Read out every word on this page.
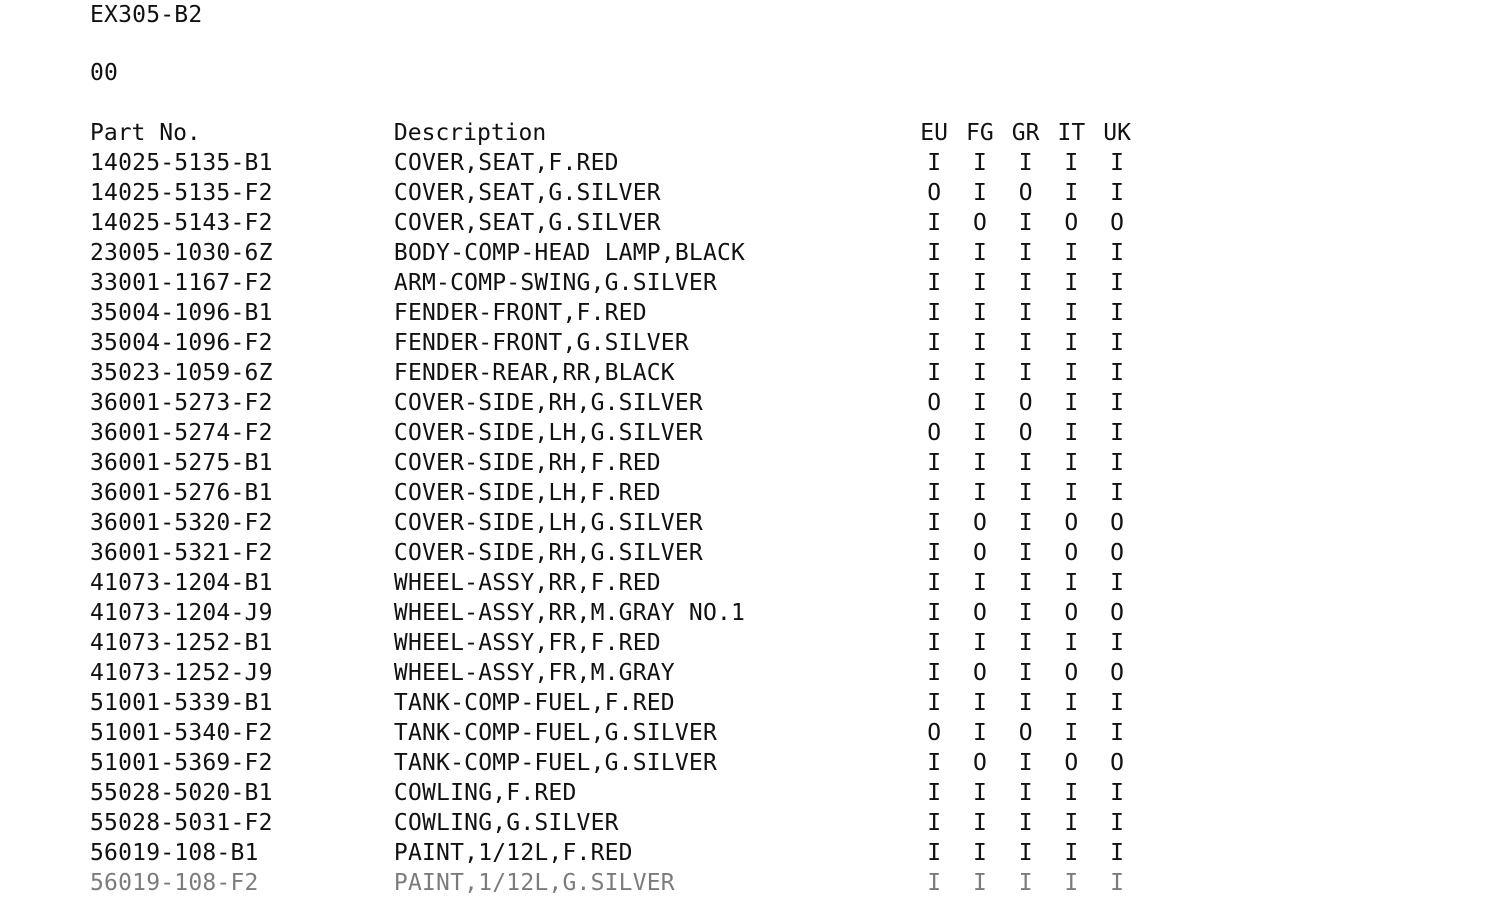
EX305-B2
00
Part No.	Description	EU	FG	GR	IT	UK
14025-5135-B1	COVER,SEAT,F.RED	I	I	I	I	I
14025-5135-F2	COVER,SEAT,G.SILVER	O	I	O	I	I
14025-5143-F2	COVER,SEAT,G.SILVER	I	O	I	O	O
23005-1030-6Z	BODY-COMP-HEAD LAMP,BLACK	I	I	I	I	I
33001-1167-F2	ARM-COMP-SWING,G.SILVER	I	I	I	I	I
35004-1096-B1	FENDER-FRONT,F.RED	I	I	I	I	I
35004-1096-F2	FENDER-FRONT,G.SILVER	I	I	I	I	I
35023-1059-6Z	FENDER-REAR,RR,BLACK	I	I	I	I	I
36001-5273-F2	COVER-SIDE,RH,G.SILVER	O	I	O	I	I
36001-5274-F2	COVER-SIDE,LH,G.SILVER	O	I	O	I	I
36001-5275-B1	COVER-SIDE,RH,F.RED	I	I	I	I	I
36001-5276-B1	COVER-SIDE,LH,F.RED	I	I	I	I	I
36001-5320-F2	COVER-SIDE,LH,G.SILVER	I	O	I	O	O
36001-5321-F2	COVER-SIDE,RH,G.SILVER	I	O	I	O	O
41073-1204-B1	WHEEL-ASSY,RR,F.RED	I	I	I	I	I
41073-1204-J9	WHEEL-ASSY,RR,M.GRAY NO.1	I	O	I	O	O
41073-1252-B1	WHEEL-ASSY,FR,F.RED	I	I	I	I	I
41073-1252-J9	WHEEL-ASSY,FR,M.GRAY	I	O	I	O	O
51001-5339-B1	TANK-COMP-FUEL,F.RED	I	I	I	I	I
51001-5340-F2	TANK-COMP-FUEL,G.SILVER	O	I	O	I	I
51001-5369-F2	TANK-COMP-FUEL,G.SILVER	I	O	I	O	O
55028-5020-B1	COWLING,F.RED	I	I	I	I	I
55028-5031-F2	COWLING,G.SILVER	I	I	I	I	I
56019-108-B1	PAINT,1/12L,F.RED	I	I	I	I	I
56019-108-F2	PAINT,1/12L,G.SILVER	I	I	I	I	I
